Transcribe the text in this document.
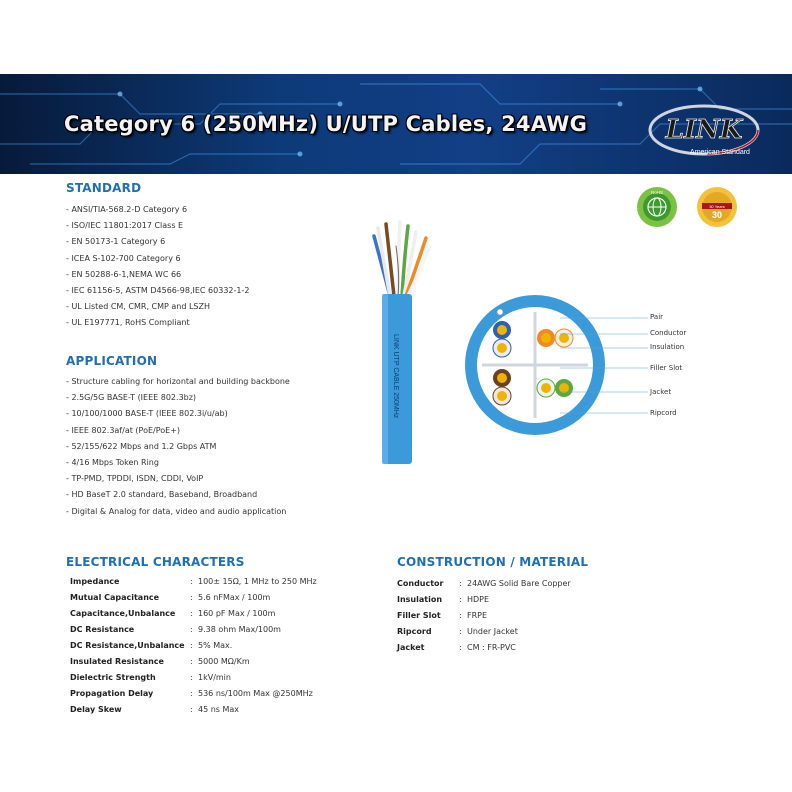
Category 6 (250MHz) U/UTP Cables, 24AWG	LINK
American Standard
STANDARD
- ANSI/TIA-568.2-D Category 6
- ISO/IEC 11801:2017 Class E
- EN 50173-1 Category 6
- ICEA S-102-700 Category 6
- EN 50288-6-1,NEMA WC 66
- IEC 61156-5, ASTM D4566-98,IEC 60332-1-2
- UL Listed CM, CMR, CMP and LSZH
- UL E197771, RoHS Compliant
RoHS
30
30 Years
LINK UTP CABLE 250MHz
Pair
Conductor
Insulation
Filler Slot
Jacket
Ripcord
APPLICATION
- Structure cabling for horizontal and building backbone
- 2.5G/5G BASE-T (IEEE 802.3bz)
- 10/100/1000 BASE-T (IEEE 802.3i/u/ab)
- IEEE 802.3af/at (PoE/PoE+)
- 52/155/622 Mbps and 1.2 Gbps ATM
- 4/16 Mbps Token Ring
- TP-PMD, TPDDI, ISDN, CDDI, VoIP
- HD BaseT 2.0 standard, Baseband, Broadband
- Digital & Analog for data, video and audio application
ELECTRICAL CHARACTERS
Impedance	: 100± 15Ω, 1 MHz to 250 MHz
Mutual Capacitance	: 5.6 nFMax / 100m
Capacitance,Unbalance	: 160 pF Max / 100m
DC Resistance	: 9.38 ohm Max/100m
DC Resistance,Unbalance : 5% Max.
Insulated Resistance	: 5000 MΩ/Km
Dielectric Strength	: 1kV/min
Propagation Delay	: 536 ns/100m Max @250MHz
Delay Skew	: 45 ns Max
CONSTRUCTION / MATERIAL
Conductor	: 24AWG Solid Bare Copper
Insulation	: HDPE
Filler Slot	: FRPE
Ripcord	: Under Jacket
Jacket	: CM : FR-PVC
